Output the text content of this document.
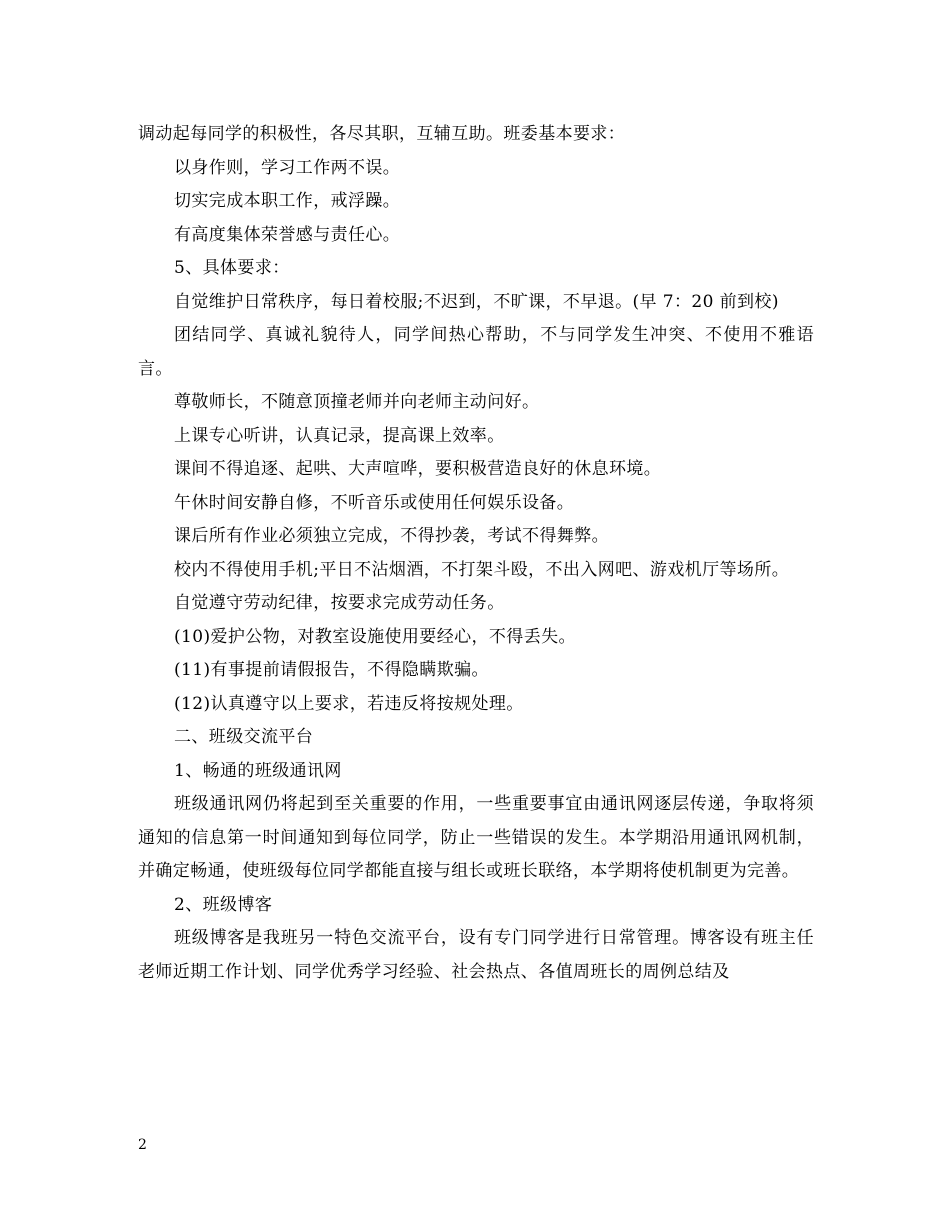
调动起每同学的积极性，各尽其职，互辅互助。班委基本要求：

以身作则，学习工作两不误。

切实完成本职工作，戒浮躁。

有高度集体荣誉感与责任心。

5、具体要求：

自觉维护日常秩序，每日着校服;不迟到，不旷课，不早退。(早 7：20 前到校)

团结同学、真诚礼貌待人，同学间热心帮助，不与同学发生冲突、不使用不雅语言。

尊敬师长，不随意顶撞老师并向老师主动问好。

上课专心听讲，认真记录，提高课上效率。

课间不得追逐、起哄、大声喧哗，要积极营造良好的休息环境。

午休时间安静自修，不听音乐或使用任何娱乐设备。

课后所有作业必须独立完成，不得抄袭，考试不得舞弊。

校内不得使用手机;平日不沾烟酒，不打架斗殴，不出入网吧、游戏机厅等场所。

自觉遵守劳动纪律，按要求完成劳动任务。

(10)爱护公物，对教室设施使用要经心，不得丢失。

(11)有事提前请假报告，不得隐瞒欺骗。

(12)认真遵守以上要求，若违反将按规处理。

二、班级交流平台

1、畅通的班级通讯网

班级通讯网仍将起到至关重要的作用，一些重要事宜由通讯网逐层传递，争取将须通知的信息第一时间通知到每位同学，防止一些错误的发生。本学期沿用通讯网机制，并确定畅通，使班级每位同学都能直接与组长或班长联络，本学期将使机制更为完善。

2、班级博客

班级博客是我班另一特色交流平台，设有专门同学进行日常管理。博客设有班主任老师近期工作计划、同学优秀学习经验、社会热点、各值周班长的周例总结及

2
